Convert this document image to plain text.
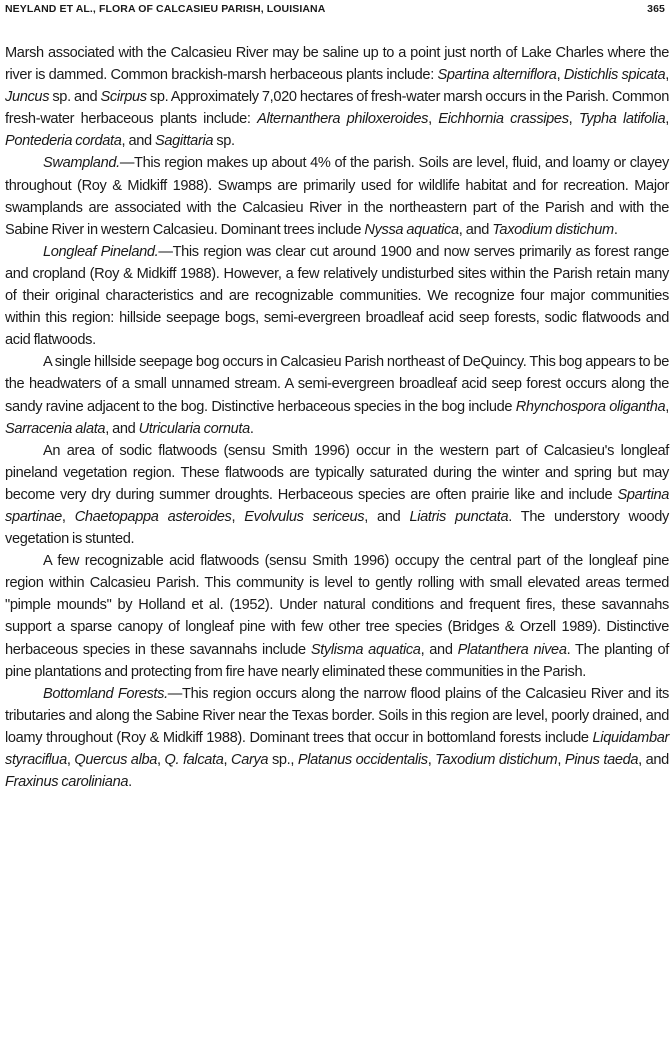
NEYLAND ET AL., FLORA OF CALCASIEU PARISH, LOUISIANA	365

Marsh associated with the Calcasieu River may be saline up to a point just north of Lake Charles where the river is dammed. Common brackish-marsh herbaceous plants include: Spartina alterniflora, Distichlis spicata, Juncus sp. and Scirpus sp. Approximately 7,020 hectares of fresh-water marsh occurs in the Parish. Common fresh-water herbaceous plants include: Alternanthera philoxeroides, Eichhornia crassipes, Typha latifolia, Pontederia cordata, and Sagittaria sp.

Swampland.—This region makes up about 4% of the parish. Soils are level, fluid, and loamy or clayey throughout (Roy & Midkiff 1988). Swamps are primarily used for wildlife habitat and for recreation. Major swamplands are associated with the Calcasieu River in the northeastern part of the Parish and with the Sabine River in western Calcasieu. Dominant trees include Nyssa aquatica, and Taxodium distichum.

Longleaf Pineland.—This region was clear cut around 1900 and now serves primarily as forest range and cropland (Roy & Midkiff 1988). However, a few relatively undisturbed sites within the Parish retain many of their original characteristics and are recognizable communities. We recognize four major communities within this region: hillside seepage bogs, semi-evergreen broadleaf acid seep forests, sodic flatwoods and acid flatwoods.

A single hillside seepage bog occurs in Calcasieu Parish northeast of DeQuincy. This bog appears to be the headwaters of a small unnamed stream. A semi-evergreen broadleaf acid seep forest occurs along the sandy ravine adjacent to the bog. Distinctive herbaceous species in the bog include Rhynchospora oligantha, Sarracenia alata, and Utricularia cornuta.

An area of sodic flatwoods (sensu Smith 1996) occur in the western part of Calcasieu's longleaf pineland vegetation region. These flatwoods are typically saturated during the winter and spring but may become very dry during summer droughts. Herbaceous species are often prairie like and include Spartina spartinae, Chaetopappa asteroides, Evolvulus sericeus, and Liatris punctata. The understory woody vegetation is stunted.

A few recognizable acid flatwoods (sensu Smith 1996) occupy the central part of the longleaf pine region within Calcasieu Parish. This community is level to gently rolling with small elevated areas termed "pimple mounds" by Holland et al. (1952). Under natural conditions and frequent fires, these savannahs support a sparse canopy of longleaf pine with few other tree species (Bridges & Orzell 1989). Distinctive herbaceous species in these savannahs include Stylisma aquatica, and Platanthera nivea. The planting of pine plantations and protecting from fire have nearly eliminated these communities in the Parish.

Bottomland Forests.—This region occurs along the narrow flood plains of the Calcasieu River and its tributaries and along the Sabine River near the Texas border. Soils in this region are level, poorly drained, and loamy throughout (Roy & Midkiff 1988). Dominant trees that occur in bottomland forests include Liquidambar styraciflua, Quercus alba, Q. falcata, Carya sp., Platanus occidentalis, Taxodium distichum, Pinus taeda, and Fraxinus caroliniana.
